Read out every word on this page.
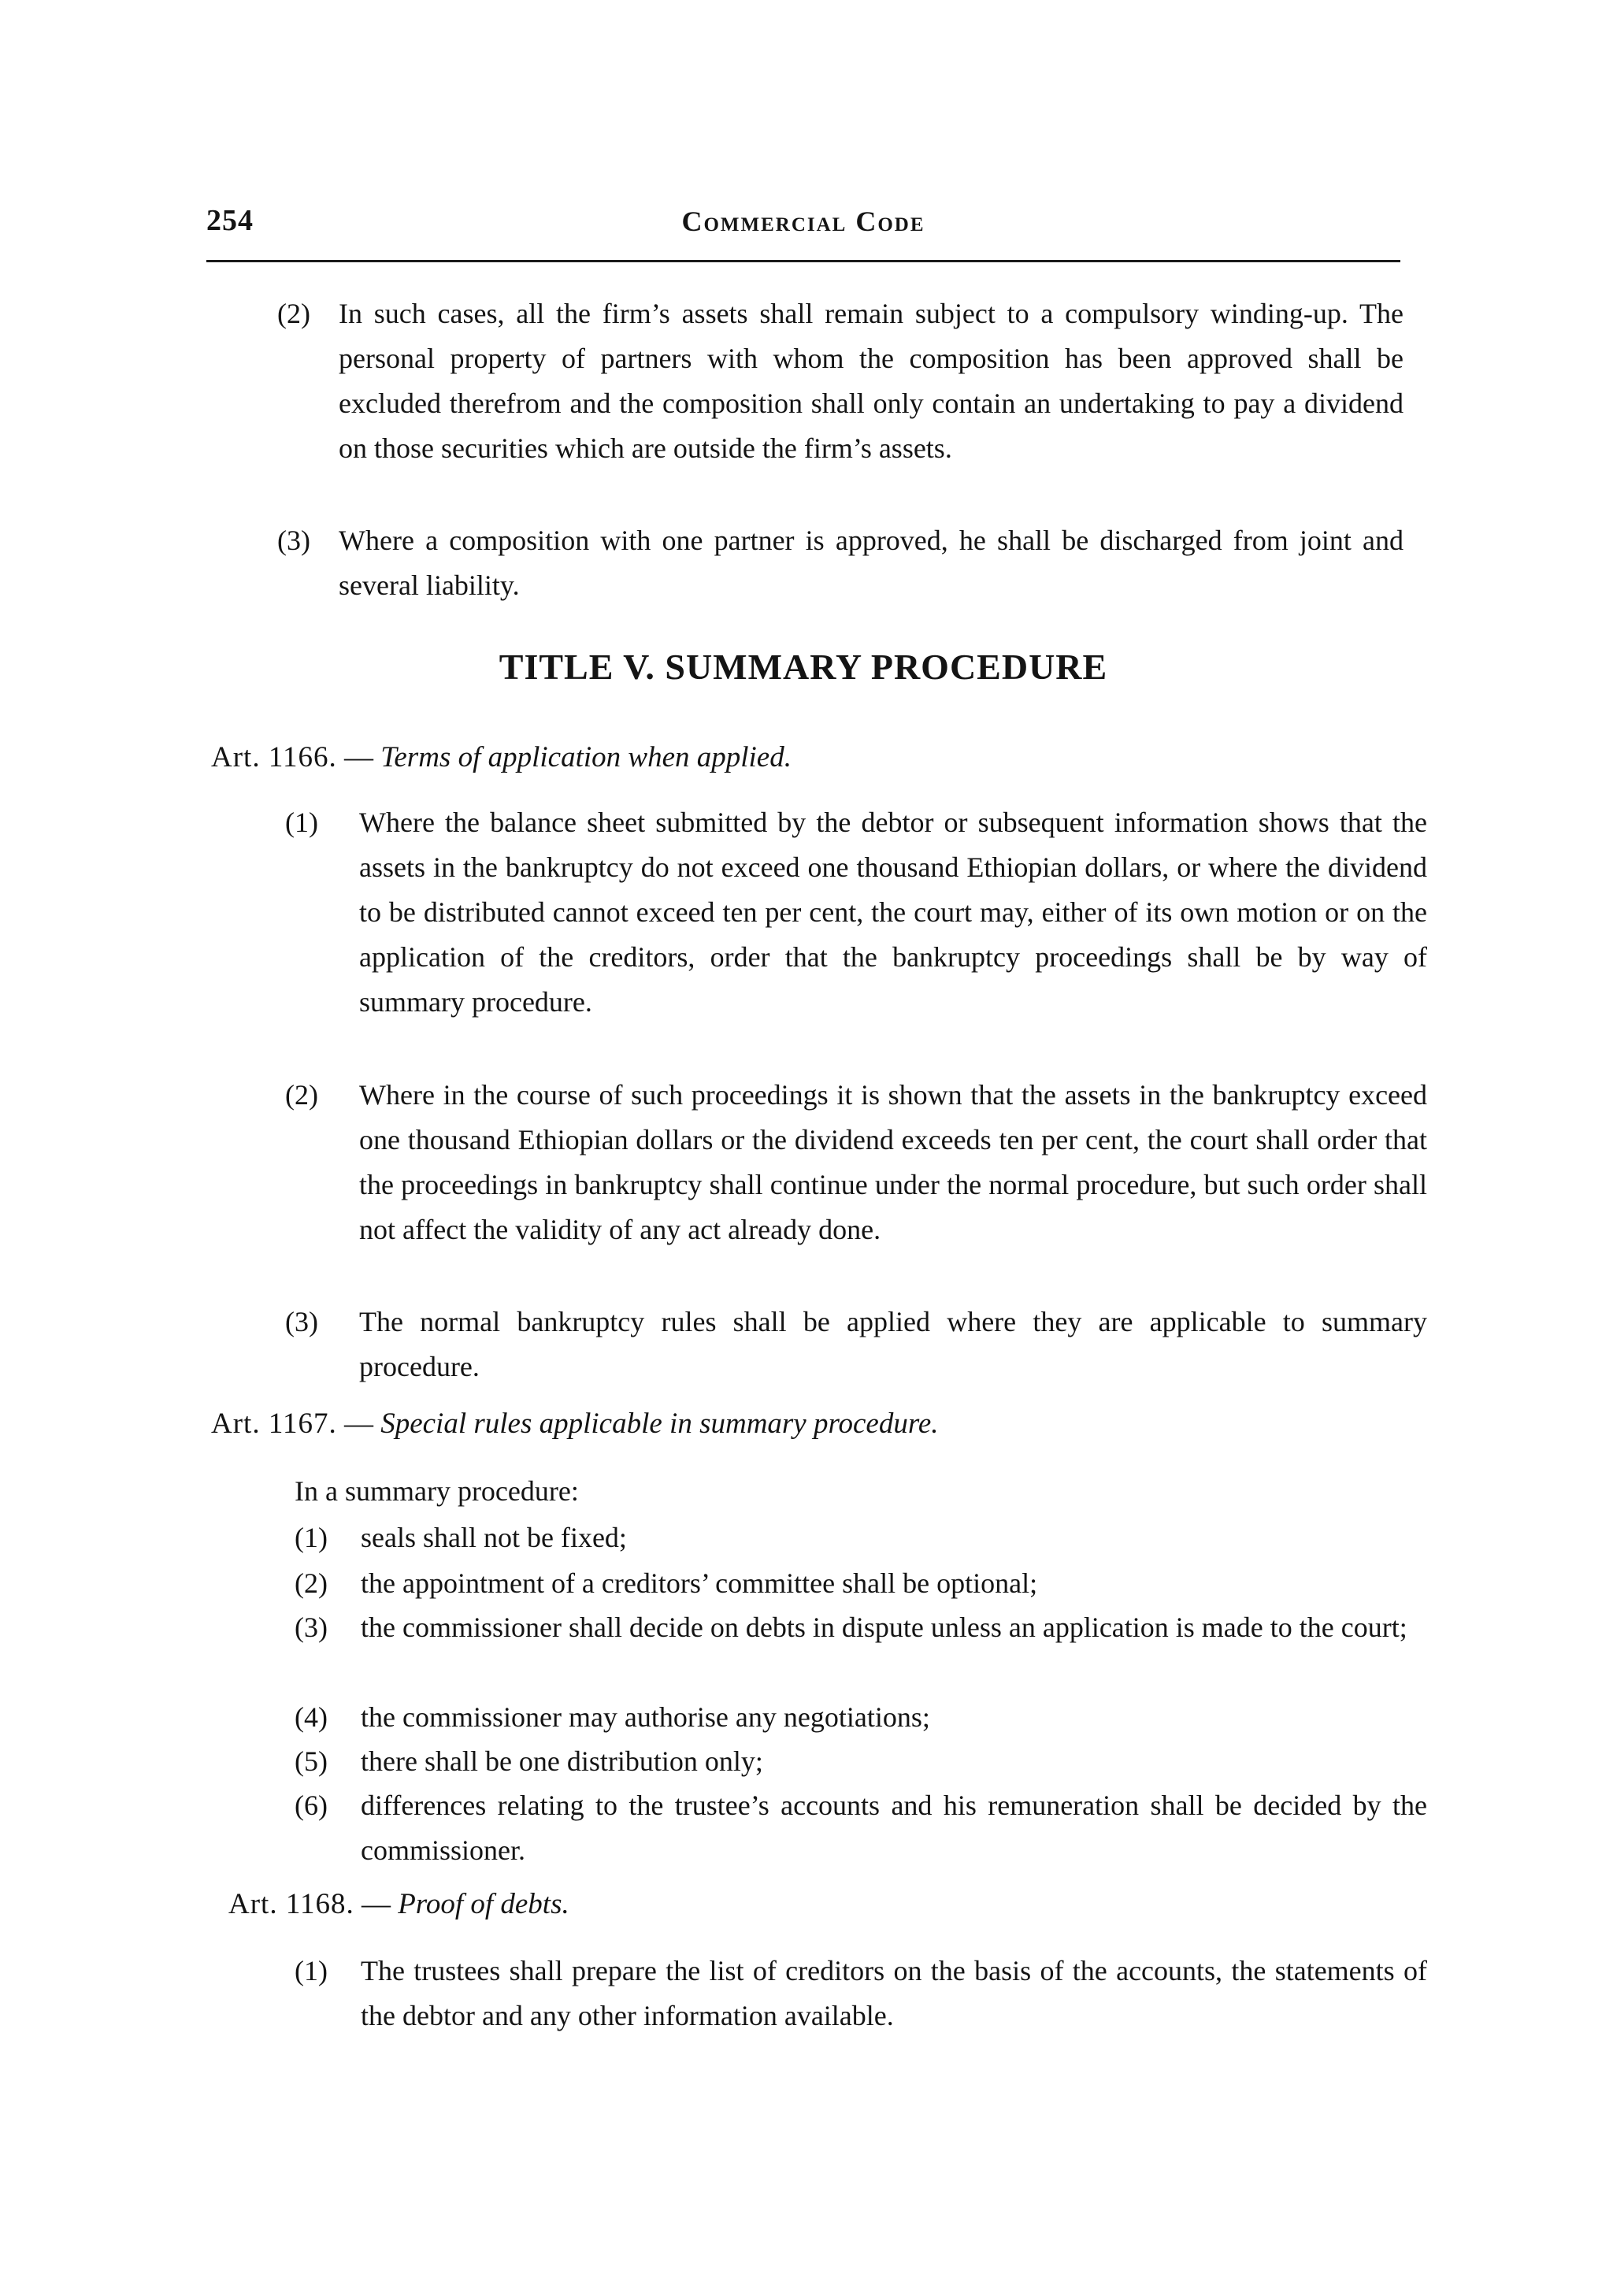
254	Commercial Code
(2)	In such cases, all the firm’s assets shall remain subject to a compulsory winding-up. The personal property of partners with whom the composition has been approved shall be excluded therefrom and the composition shall only contain an undertaking to pay a dividend on those securities which are outside the firm’s assets.
(3)	Where a composition with one partner is approved, he shall be discharged from joint and several liability.
TITLE V. SUMMARY PROCEDURE
Art. 1166. — Terms of application when applied.
(1)	Where the balance sheet submitted by the debtor or subsequent information shows that the assets in the bankruptcy do not exceed one thousand Ethiopian dollars, or where the dividend to be distributed cannot exceed ten per cent, the court may, either of its own motion or on the application of the creditors, order that the bankruptcy proceedings shall be by way of summary procedure.
(2)	Where in the course of such proceedings it is shown that the assets in the bankruptcy exceed one thousand Ethiopian dollars or the dividend exceeds ten per cent, the court shall order that the proceedings in bankruptcy shall continue under the normal procedure, but such order shall not affect the validity of any act already done.
(3)	The normal bankruptcy rules shall be applied where they are applicable to summary procedure.
Art. 1167. — Special rules applicable in summary procedure.
In a summary procedure:
(1)	seals shall not be fixed;
(2)	the appointment of a creditors’ committee shall be optional;
(3)	the commissioner shall decide on debts in dispute unless an application is made to the court;
(4)	the commissioner may authorise any negotiations;
(5)	there shall be one distribution only;
(6)	differences relating to the trustee’s accounts and his remuneration shall be decided by the commissioner.
Art. 1168. — Proof of debts.
(1)	The trustees shall prepare the list of creditors on the basis of the accounts, the statements of the debtor and any other information available.
